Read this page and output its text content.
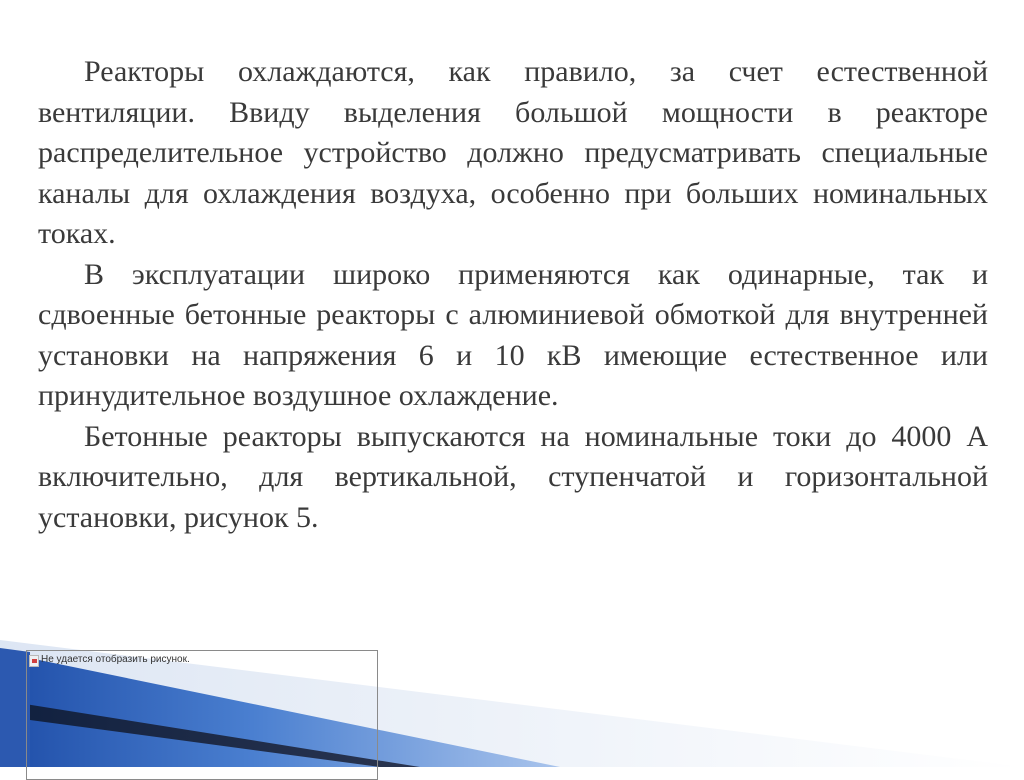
Реакторы охлаждаются, как правило, за счет естественной вентиляции. Ввиду выделения большой мощности в реакторе распределительное устройство должно предусматривать специальные каналы для охлаждения воздуха, особенно при больших номинальных токах.

В эксплуатации широко применяются как одинарные, так и сдвоенные бетонные реакторы с алюминиевой обмоткой для внутренней установки на напряжения 6 и 10 кВ имеющие естественное или принудительное воздушное охлаждение.

Бетонные реакторы выпускаются на номинальные токи до 4000 А включительно, для вертикальной, ступенчатой и горизонтальной установки, рисунок 5.

Не удается отобразить рисунок.
